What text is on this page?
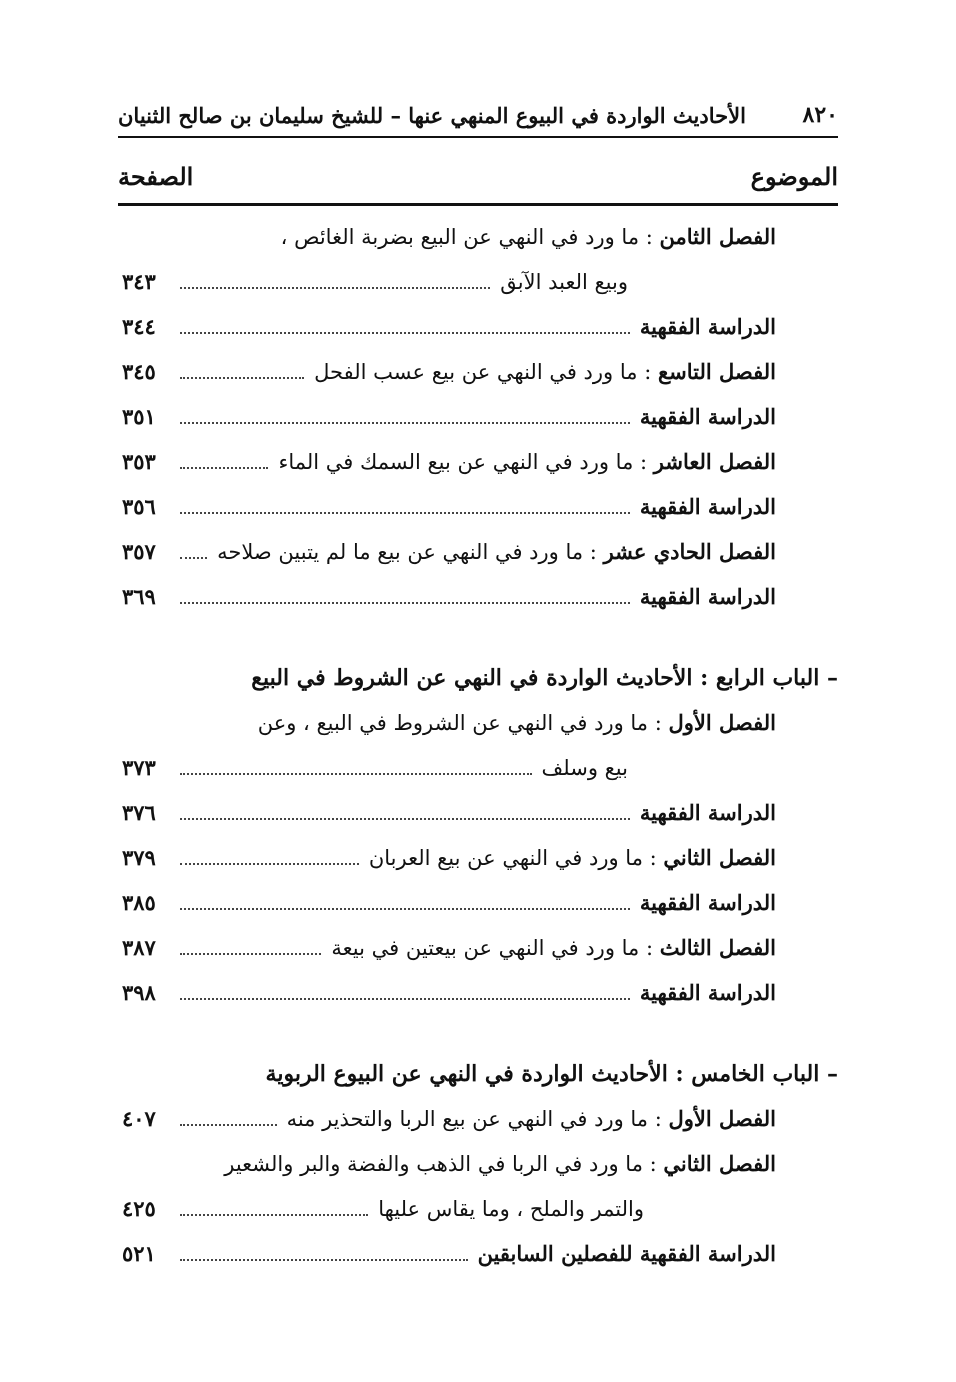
٨٢٠
الأحاديث الواردة في البيوع المنهي عنها – للشيخ سليمان بن صالح الثنيان
الموضوع
الصفحة
الفصل الثامن : ما ورد في النهي عن البيع بضربة الغائص ،
وبيع العبد الآبق
٣٤٣
الدراسة الفقهية
٣٤٤
الفصل التاسع : ما ورد في النهي عن بيع عسب الفحل
٣٤٥
الدراسة الفقهية
٣٥١
الفصل العاشر : ما ورد في النهي عن بيع السمك في الماء
٣٥٣
الدراسة الفقهية
٣٥٦
الفصل الحادي عشر : ما ورد في النهي عن بيع ما لم يتبين صلاحه
٣٥٧
الدراسة الفقهية
٣٦٩
– الباب الرابع : الأحاديث الواردة في النهي عن الشروط في البيع
الفصل الأول : ما ورد في النهي عن الشروط في البيع ، وعن
بيع وسلف
٣٧٣
الدراسة الفقهية
٣٧٦
الفصل الثاني : ما ورد في النهي عن بيع العربان
٣٧٩
الدراسة الفقهية
٣٨٥
الفصل الثالث : ما ورد في النهي عن بيعتين في بيعة
٣٨٧
الدراسة الفقهية
٣٩٨
– الباب الخامس : الأحاديث الواردة في النهي عن البيوع الربوية
الفصل الأول : ما ورد في النهي عن بيع الربا والتحذير منه
٤٠٧
الفصل الثاني : ما ورد في الربا في الذهب والفضة والبر والشعير
والتمر والملح ، وما يقاس عليها
٤٢٥
الدراسة الفقهية للفصلين السابقين
٥٢١
